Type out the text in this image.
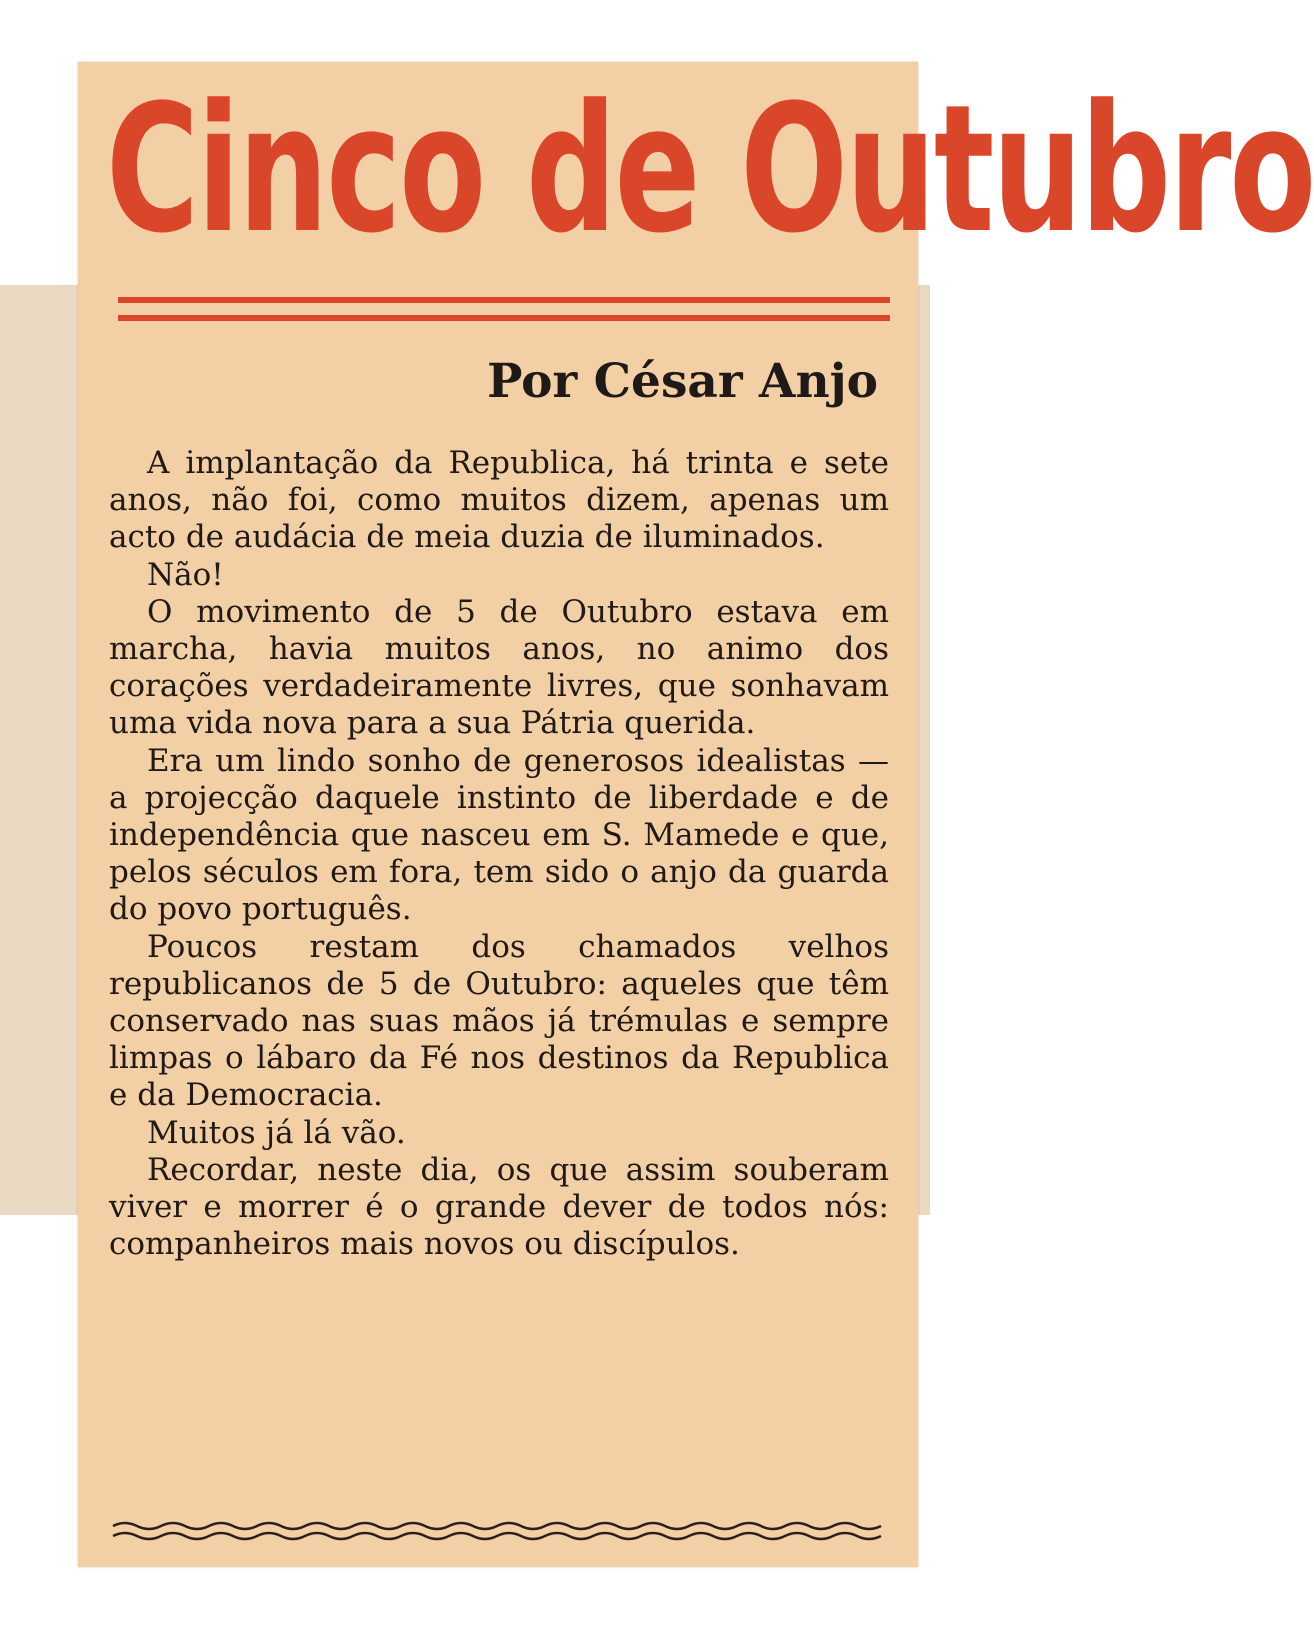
Cinco de Outubro

Por César Anjo

A implantação da Republica, há trinta e sete anos, não foi, como muitos dizem, apenas um acto de audácia de meia duzia de iluminados.

Não!

O movimento de 5 de Outubro estava em marcha, havia muitos anos, no animo dos corações verdadeiramente livres, que sonhavam uma vida nova para a sua Pátria querida.

Era um lindo sonho de generosos idealistas — a projecção daquele instinto de liberdade e de independência que nasceu em S. Mamede e que, pelos séculos em fora, tem sido o anjo da guarda do povo português.

Poucos restam dos chamados velhos republicanos de 5 de Outubro: aqueles que têm conservado nas suas mãos já trémulas e sempre limpas o lábaro da Fé nos destinos da Republica e da Democracia.

Muitos já lá vão.

Recordar, neste dia, os que assim souberam viver e morrer é o grande dever de todos nós: companheiros mais novos ou discípulos.
